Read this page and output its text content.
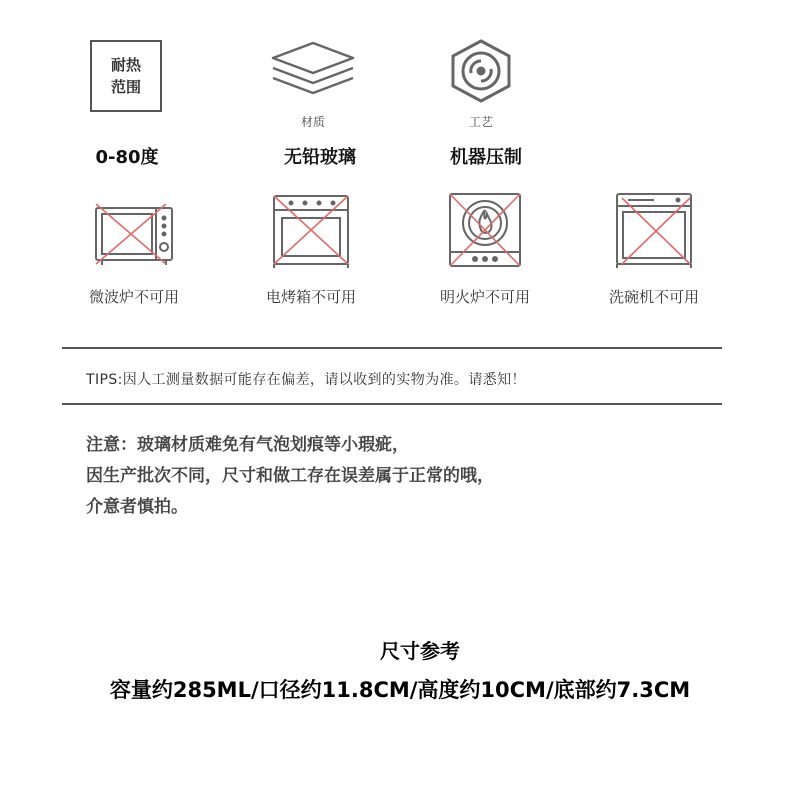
耐热
范围
0-80度
材质
无铅玻璃
工艺
机器压制
微波炉不可用	电烤箱不可用	明火炉不可用	洗碗机不可用
TIPS:因人工测量数据可能存在偏差，请以收到的实物为准。请悉知！
注意：玻璃材质难免有气泡划痕等小瑕疵，
因生产批次不同，尺寸和做工存在误差属于正常的哦，
介意者慎拍。
尺寸参考
容量约285ML/口径约11.8CM/高度约10CM/底部约7.3CM
